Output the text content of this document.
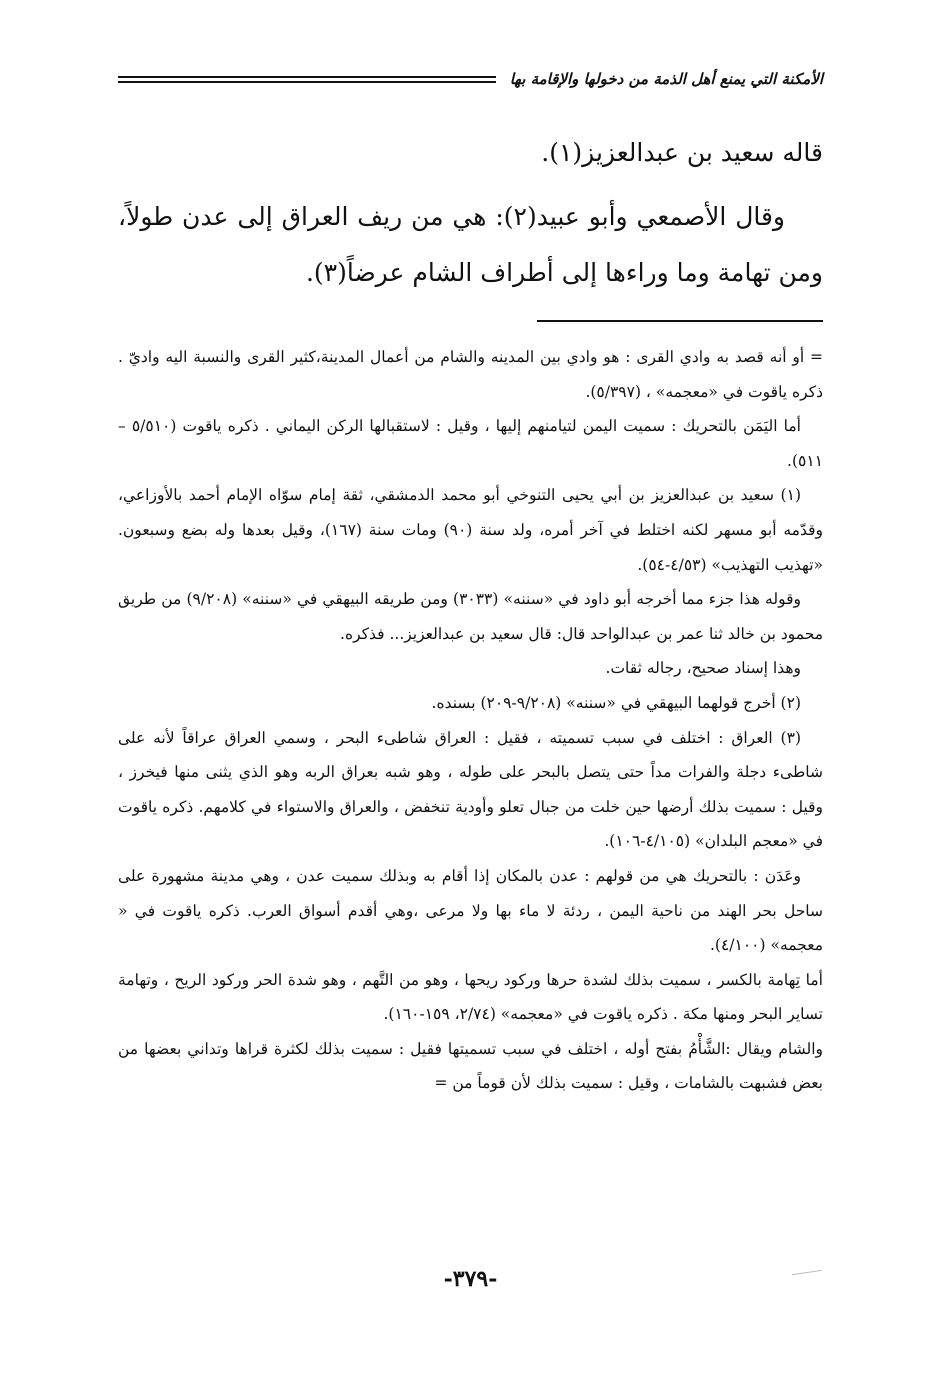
الأمكنة التي يمنع أهل الذمة من دخولها والإقامة بها

قاله سعيد بن عبدالعزيز(١).

وقال الأصمعي وأبو عبيد(٢): هي من ريف العراق إلى عدن طولاً، ومن تهامة وما وراءها إلى أطراف الشام عرضاً(٣).

= أو أنه قصد به وادي القرى : هو وادي بين المدينه والشام من أعمال المدينة،كثير القرى والنسبة اليه واديّ . ذكره ياقوت في «معجمه» ، (٥/٣٩٧).

أما اليَمَن بالتحريك : سميت اليمن لتيامنهم إليها ، وقيل : لاستقبالها الركن اليماني . ذكره ياقوت (٥/٥١٠ – ٥١١).

(١) سعيد بن عبدالعزيز بن أبي يحيى التنوخي أبو محمد الدمشقي، ثقة إمام سوّاه الإمام أحمد بالأوزاعي، وقدّمه أبو مسهر لكنه اختلط في آخر أمره، ولد سنة (٩٠) ومات سنة (١٦٧)، وقيل بعدها وله بضع وسبعون. «تهذيب التهذيب» (٤/٥٣-٥٤).

وقوله هذا جزء مما أخرجه أبو داود في «سننه» (٣٠٣٣) ومن طريقه البيهقي في «سننه» (٩/٢٠٨) من طريق محمود بن خالد ثنا عمر بن عبدالواحد قال: قال سعيد بن عبدالعزيز... فذكره.

وهذا إسناد صحيح، رجاله ثقات.

(٢) أخرج قولهما البيهقي في «سننه» (٩/٢٠٨-٢٠٩) بسنده.

(٣) العراق : اختلف في سبب تسميته ، فقيل : العراق شاطىء البحر ، وسمي العراق عراقاً لأنه على شاطىء دجلة والفرات مداً حتى يتصل بالبحر على طوله ، وهو شبه بعراق الربه وهو الذي يثنى منها فيخرز ، وقيل : سميت بذلك أرضها حين خلت من جبال تعلو وأودية تنخفض ، والعراق والاستواء في كلامهم. ذكره ياقوت في «معجم البلدان» (٤/١٠٥-١٠٦).

وعَدَن : بالتحريك هي من قولهم : عدن بالمكان إذا أقام به وبذلك سميت عدن ، وهي مدينة مشهورة على ساحل بحر الهند من ناحية اليمن ، ردئة لا ماء بها ولا مرعى ،وهي أقدم أسواق العرب. ذكره ياقوت في « معجمه» (٤/١٠٠).

أما تِهامة بالكسر ، سميت بذلك لشدة حرها وركود ريحها ، وهو من التَّهم ، وهو شدة الحر وركود الريح ، وتهامة تساير البحر ومنها مكة . ذكره ياقوت في «معجمه» (٢/٧٤، ١٥٩-١٦٠).

والشام ويقال :الشَّأْمُ بفتح أوله ، اختلف في سبب تسميتها فقيل : سميت بذلك لكثرة قراها وتداني بعضها من بعض فشبهت بالشامات ، وقيل : سميت بذلك لأن قوماً من =

-٣٧٩-
